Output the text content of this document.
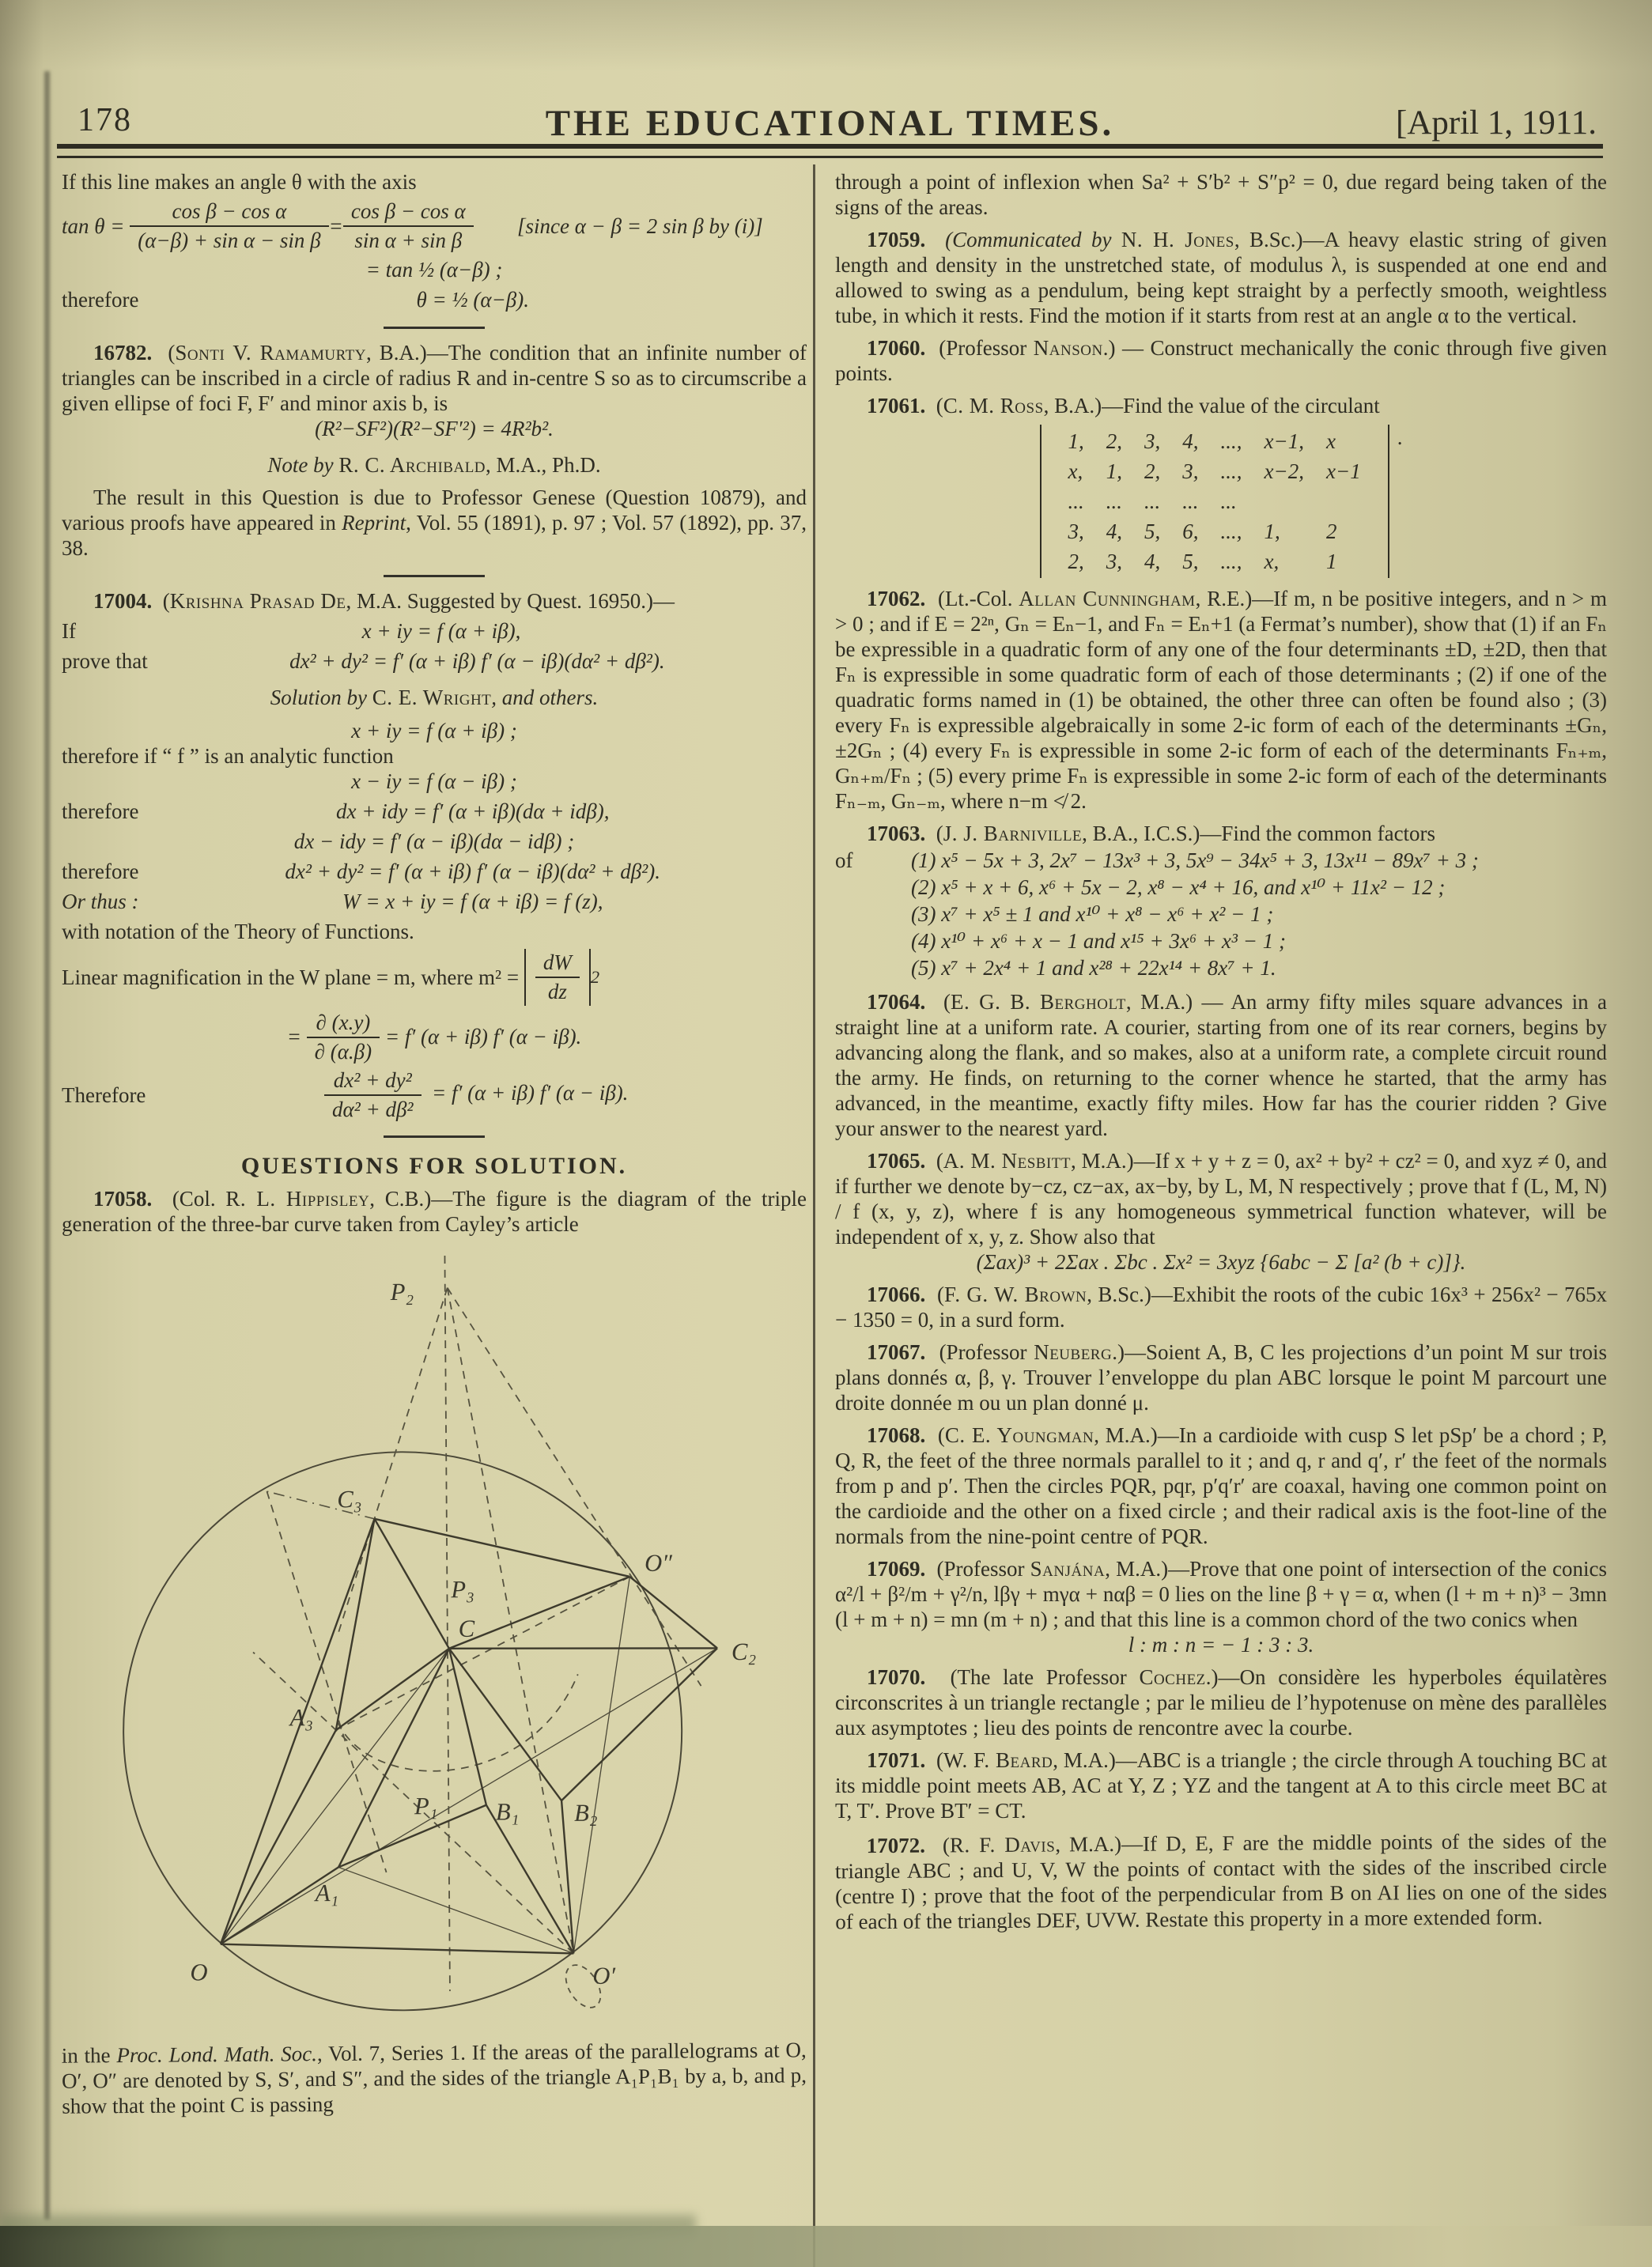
178	THE EDUCATIONAL TIMES.	[April 1, 1911.

If this line makes an angle θ with the axis

tan θ =
$\frac{\text{cos β − cos α}}{\text{(α−β) + sin α − sin β}} = \frac{\text{cos β − cos α}}{\text{sin α + sin β}}$	[since α − β = 2 sin β by (i)]

= tan ½ (α−β) ;

therefore	θ = ½ (α−β).

16782. (Sonti V. Ramamurty, B.A.)—The condition that an infinite number of triangles can be inscribed in a circle of radius R and in-centre S so as to circumscribe a given ellipse of foci F, F′ and minor axis b, is

(R²−SF²)(R²−SF′²) = 4R²b².

Note by R. C. Archibald, M.A., Ph.D.

The result in this Question is due to Professor Genese (Question 10879), and various proofs have appeared in Reprint, Vol. 55 (1891), p. 97 ; Vol. 57 (1892), pp. 37, 38.

17004. (Krishna Prasad De, M.A. Suggested by Quest. 16950.)—

If	x + iy = f (α + iβ),
prove that	dx² + dy² = f′ (α + iβ) f′ (α − iβ)(dα² + dβ²).

Solution by C. E. Wright, and others.

x + iy = f (α + iβ) ;

therefore if “ f ” is an analytic function

x − iy = f (α − iβ) ;

therefore	dx + idy = f′ (α + iβ)(dα + idβ),

dx − idy = f′ (α − iβ)(dα − idβ) ;

therefore	dx² + dy² = f′ (α + iβ) f′ (α − iβ)(dα² + dβ²).
Or thus :	W = x + iy = f (α + iβ) = f (z),

with notation of the Theory of Functions.

Linear magnification in the W plane = m, where m² =
$\frac{dW}{dz} 2$
=
$\frac{\partial (x.y)}{\partial (\alpha.\beta)}$
= f′ (α + iβ) f′ (α − iβ).
Therefore	$\frac{\text{dx² + dy²}}{\text{dα² + dβ²}} = f'$ (α + iβ) f′ (α − iβ).

QUESTIONS FOR SOLUTION.

17058. (Col. R. L. Hippisley, C.B.)—The figure is the diagram of the triple generation of the three-bar curve taken from Cayley’s article

P₂
C₃
P₃
O″
C
A₃
C₂
P₁ B₁ B₂
A₁
O	O′

in the Proc. Lond. Math. Soc., Vol. 7, Series 1. If the areas of the parallelograms at O, O′, O″ are denoted by S, S′, and S″, and the sides of the triangle A₁P₁B₁ by a, b, and p, show that the point C is passing

through a point of inflexion when Sa² + S′b² + S″p² = 0, due regard being taken of the signs of the areas.

17059. (Communicated by N. H. Jones, B.Sc.)—A heavy elastic string of given length and density in the unstretched state, of modulus λ, is suspended at one end and allowed to swing as a pendulum, being kept straight by a perfectly smooth, weightless tube, in which it rests. Find the motion if it starts from rest at an angle α to the vertical.

17060. (Professor Nanson.) — Construct mechanically the conic through five given points.

17061. (C. M. Ross, B.A.)—Find the value of the circulant

1,	2,	3,	4,	...,	x−1,	x
x,	1,	2,	3,	...,	x−2,	x−1
...	...	...	...	...		
3,	4,	5,	6,	...,	1,	2
2,	3,	4,	5,	...,	x,	1
.

17062. (Lt.-Col. Allan Cunningham, R.E.)—If m, n be positive integers, and n > m > 0 ; and if E = 2²ⁿ, Gₙ = Eₙ−1, and Fₙ = Eₙ+1 (a Fermat’s number), show that (1) if an Fₙ be expressible in a quadratic form of any one of the four determinants ±D, ±2D, then that Fₙ is expressible in some quadratic form of each of those determinants ; (2) if one of the quadratic forms named in (1) be obtained, the other three can often be found also ; (3) every Fₙ is expressible algebraically in some 2-ic form of each of the determinants ±Gₙ, ±2Gₙ ; (4) every Fₙ is expressible in some 2-ic form of each of the determinants Fₙ₊ₘ, Gₙ₊ₘ/Fₙ ; (5) every prime Fₙ is expressible in some 2-ic form of each of the determinants Fₙ₋ₘ, Gₙ₋ₘ, where n−m ≮ 2.

17063. (J. J. Barniville, B.A., I.C.S.)—Find the common factors

of	(1) x⁵ − 5x + 3, 2x⁷ − 13x³ + 3, 5x⁹ − 34x⁵ + 3, 13x¹¹ − 89x⁷ + 3 ;
(2) x⁵ + x + 6, x⁶ + 5x − 2, x⁸ − x⁴ + 16, and x¹⁰ + 11x² − 12 ;
(3) x⁷ + x⁵ ± 1 and x¹⁰ + x⁸ − x⁶ + x² − 1 ;
(4) x¹⁰ + x⁶ + x − 1 and x¹⁵ + 3x⁶ + x³ − 1 ;
(5) x⁷ + 2x⁴ + 1 and x²⁸ + 22x¹⁴ + 8x⁷ + 1.

17064. (E. G. B. Bergholt, M.A.) — An army fifty miles square advances in a straight line at a uniform rate. A courier, starting from one of its rear corners, begins by advancing along the flank, and so makes, also at a uniform rate, a complete circuit round the army. He finds, on returning to the corner whence he started, that the army has advanced, in the meantime, exactly fifty miles. How far has the courier ridden ? Give your answer to the nearest yard.

17065. (A. M. Nesbitt, M.A.)—If x + y + z = 0, ax² + by² + cz² = 0, and xyz ≠ 0, and if further we denote by−cz, cz−ax, ax−by, by L, M, N respectively ; prove that f (L, M, N) / f (x, y, z), where f is any homogeneous symmetrical function whatever, will be independent of x, y, z. Show also that

(Σax)³ + 2Σax . Σbc . Σx² = 3xyz {6abc − Σ [a² (b + c)]}.

17066. (F. G. W. Brown, B.Sc.)—Exhibit the roots of the cubic 16x³ + 256x² − 765x − 1350 = 0, in a surd form.

17067. (Professor Neuberg.)—Soient A, B, C les projections d’un point M sur trois plans donnés α, β, γ. Trouver l’enveloppe du plan ABC lorsque le point M parcourt une droite donnée m ou un plan donné μ.

17068. (C. E. Youngman, M.A.)—In a cardioide with cusp S let pSp′ be a chord ; P, Q, R, the feet of the three normals parallel to it ; and q, r and q′, r′ the feet of the normals from p and p′. Then the circles PQR, pqr, p′q′r′ are coaxal, having one common point on the cardioide and the other on a fixed circle ; and their radical axis is the foot-line of the normals from the nine-point centre of PQR.

17069. (Professor Sanjána, M.A.)—Prove that one point of intersection of the conics α²/l + β²/m + γ²/n, lβγ + mγα + nαβ = 0 lies on the line β + γ = α, when (l + m + n)³ − 3mn (l + m + n) = mn (m + n) ; and that this line is a common chord of the two conics when

l : m : n = − 1 : 3 : 3.

17070. (The late Professor Cochez.)—On considère les hyperboles équilatères circonscrites à un triangle rectangle ; par le milieu de l’hypotenuse on mène des parallèles aux asymptotes ; lieu des points de rencontre avec la courbe.

17071. (W. F. Beard, M.A.)—ABC is a triangle ; the circle through A touching BC at its middle point meets AB, AC at Y, Z ; YZ and the tangent at A to this circle meet BC at T, T′. Prove BT′ = CT.

17072. (R. F. Davis, M.A.)—If D, E, F are the middle points of the sides of the triangle ABC ; and U, V, W the points of contact with the sides of the inscribed circle (centre I) ; prove that the foot of the perpendicular from B on AI lies on one of the sides of each of the triangles DEF, UVW. Restate this property in a more extended form.
